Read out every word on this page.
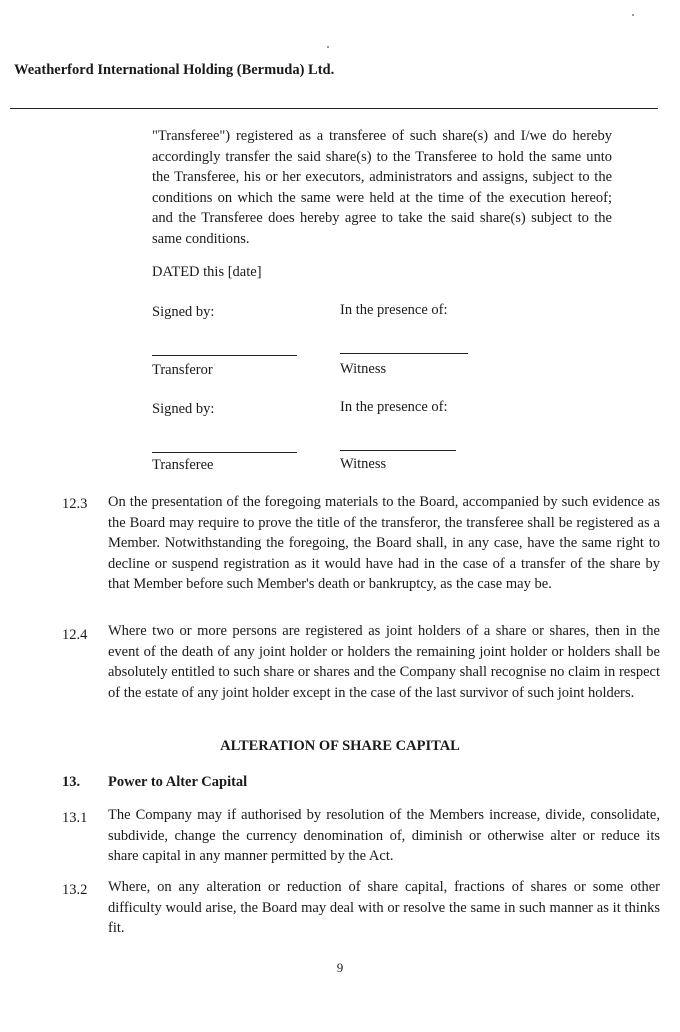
Weatherford International Holding (Bermuda) Ltd.
"Transferee") registered as a transferee of such share(s) and I/we do hereby accordingly transfer the said share(s) to the Transferee to hold the same unto the Transferee, his or her executors, administrators and assigns, subject to the conditions on which the same were held at the time of the execution hereof; and the Transferee does hereby agree to take the said share(s) subject to the same conditions.
DATED this [date]
Signed by:	In the presence of:
Transferor	Witness
Signed by:	In the presence of:
Transferee	Witness
12.3 On the presentation of the foregoing materials to the Board, accompanied by such evidence as the Board may require to prove the title of the transferor, the transferee shall be registered as a Member. Notwithstanding the foregoing, the Board shall, in any case, have the same right to decline or suspend registration as it would have had in the case of a transfer of the share by that Member before such Member's death or bankruptcy, as the case may be.
12.4 Where two or more persons are registered as joint holders of a share or shares, then in the event of the death of any joint holder or holders the remaining joint holder or holders shall be absolutely entitled to such share or shares and the Company shall recognise no claim in respect of the estate of any joint holder except in the case of the last survivor of such joint holders.
ALTERATION OF SHARE CAPITAL
13. Power to Alter Capital
13.1 The Company may if authorised by resolution of the Members increase, divide, consolidate, subdivide, change the currency denomination of, diminish or otherwise alter or reduce its share capital in any manner permitted by the Act.
13.2 Where, on any alteration or reduction of share capital, fractions of shares or some other difficulty would arise, the Board may deal with or resolve the same in such manner as it thinks fit.
9
